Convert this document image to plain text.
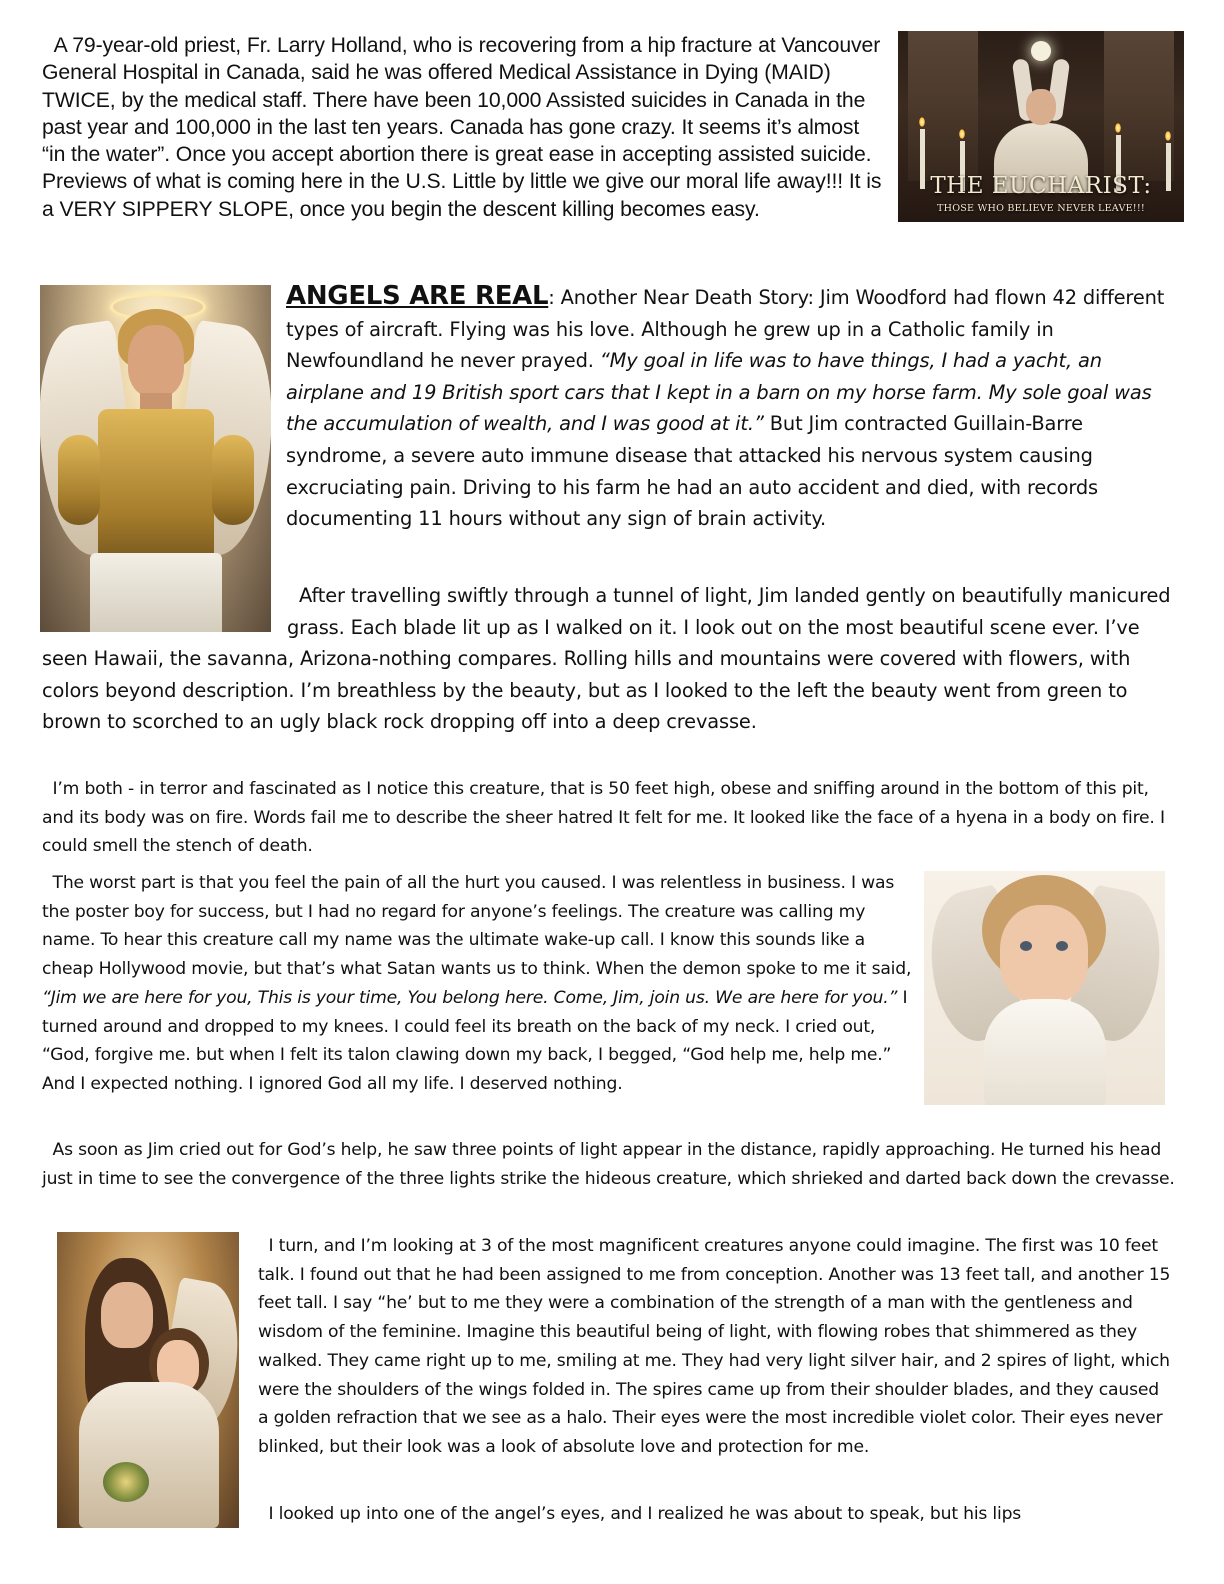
A 79-year-old priest, Fr. Larry Holland, who is recovering from a hip fracture at Vancouver General Hospital in Canada, said he was offered Medical Assistance in Dying (MAID) TWICE, by the medical staff. There have been 10,000 Assisted suicides in Canada in the past year and 100,000 in the last ten years. Canada has gone crazy. It seems it’s almost “in the water”. Once you accept abortion there is great ease in accepting assisted suicide. Previews of what is coming here in the U.S. Little by little we give our moral life away!!! It is a VERY SIPPERY SLOPE, once you begin the descent killing becomes easy.

THE EUCHARIST:
THOSE WHO BELIEVE NEVER LEAVE!!!

ANGELS ARE REAL: Another Near Death Story: Jim Woodford had flown 42 different types of aircraft. Flying was his love. Although he grew up in a Catholic family in Newfoundland he never prayed. “My goal in life was to have things, I had a yacht, an airplane and 19 British sport cars that I kept in a barn on my horse farm. My sole goal was the accumulation of wealth, and I was good at it.” But Jim contracted Guillain-Barre syndrome, a severe auto immune disease that attacked his nervous system causing excruciating pain. Driving to his farm he had an auto accident and died, with records documenting 11 hours without any sign of brain activity.

After travelling swiftly through a tunnel of light, Jim landed gently on beautifully manicured grass. Each blade lit up as I walked on it. I look out on the most beautiful scene ever. I’ve seen Hawaii, the savanna, Arizona-nothing compares. Rolling hills and mountains were covered with flowers, with colors beyond description. I’m breathless by the beauty, but as I looked to the left the beauty went from green to brown to scorched to an ugly black rock dropping off into a deep crevasse.

I’m both - in terror and fascinated as I notice this creature, that is 50 feet high, obese and sniffing around in the bottom of this pit, and its body was on fire. Words fail me to describe the sheer hatred It felt for me. It looked like the face of a hyena in a body on fire. I could smell the stench of death.

The worst part is that you feel the pain of all the hurt you caused. I was relentless in business. I was the poster boy for success, but I had no regard for anyone’s feelings. The creature was calling my name. To hear this creature call my name was the ultimate wake-up call. I know this sounds like a cheap Hollywood movie, but that’s what Satan wants us to think. When the demon spoke to me it said, “Jim we are here for you, This is your time, You belong here. Come, Jim, join us. We are here for you.” I turned around and dropped to my knees. I could feel its breath on the back of my neck. I cried out, “God, forgive me. but when I felt its talon clawing down my back, I begged, “God help me, help me.” And I expected nothing. I ignored God all my life. I deserved nothing.

As soon as Jim cried out for God’s help, he saw three points of light appear in the distance, rapidly approaching. He turned his head just in time to see the convergence of the three lights strike the hideous creature, which shrieked and darted back down the crevasse.

I turn, and I’m looking at 3 of the most magnificent creatures anyone could imagine. The first was 10 feet talk. I found out that he had been assigned to me from conception. Another was 13 feet tall, and another 15 feet tall. I say “he’ but to me they were a combination of the strength of a man with the gentleness and wisdom of the feminine. Imagine this beautiful being of light, with flowing robes that shimmered as they walked. They came right up to me, smiling at me. They had very light silver hair, and 2 spires of light, which were the shoulders of the wings folded in. The spires came up from their shoulder blades, and they caused a golden refraction that we see as a halo. Their eyes were the most incredible violet color. Their eyes never blinked, but their look was a look of absolute love and protection for me.

I looked up into one of the angel’s eyes, and I realized he was about to speak, but his lips
